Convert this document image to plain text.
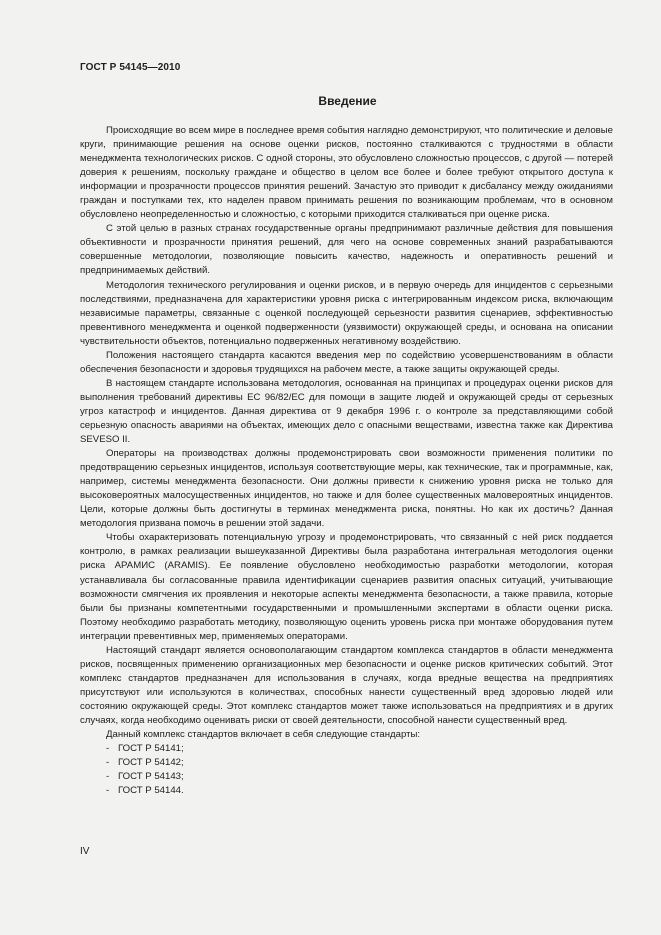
ГОСТ Р 54145—2010
Введение

Происходящие во всем мире в последнее время события наглядно демонстрируют, что политические и деловые круги, принимающие решения на основе оценки рисков, постоянно сталкиваются с трудностями в области менеджмента технологических рисков. С одной стороны, это обусловлено сложностью процессов, с другой — потерей доверия к решениям, поскольку граждане и общество в целом все более и более требуют открытого доступа к информации и прозрачности процессов принятия решений. Зачастую это приводит к дисбалансу между ожиданиями граждан и поступками тех, кто наделен правом принимать решения по возникающим проблемам, что в основном обусловлено неопределенностью и сложностью, с которыми приходится сталкиваться при оценке риска.

С этой целью в разных странах государственные органы предпринимают различные действия для повышения объективности и прозрачности принятия решений, для чего на основе современных знаний разрабатываются совершенные методологии, позволяющие повысить качество, надежность и оперативность решений и предпринимаемых действий.

Методология технического регулирования и оценки рисков, и в первую очередь для инцидентов с серьезными последствиями, предназначена для характеристики уровня риска с интегрированным индексом риска, включающим независимые параметры, связанные с оценкой последующей серьезности развития сценариев, эффективностью превентивного менеджмента и оценкой подверженности (уязвимости) окружающей среды, и основана на описании чувствительности объектов, потенциально подверженных негативному воздействию.

Положения настоящего стандарта касаются введения мер по содействию усовершенствованиям в области обеспечения безопасности и здоровья трудящихся на рабочем месте, а также защиты окружающей среды.

В настоящем стандарте использована методология, основанная на принципах и процедурах оценки рисков для выполнения требований директивы ЕС 96/82/ЕС для помощи в защите людей и окружающей среды от серьезных угроз катастроф и инцидентов. Данная директива от 9 декабря 1996 г. о контроле за представляющими собой серьезную опасность авариями на объектах, имеющих дело с опасными веществами, известна также как Директива SEVESO II.

Операторы на производствах должны продемонстрировать свои возможности применения политики по предотвращению серьезных инцидентов, используя соответствующие меры, как технические, так и программные, как, например, системы менеджмента безопасности. Они должны привести к снижению уровня риска не только для высоковероятных малосущественных инцидентов, но также и для более существенных маловероятных инцидентов. Цели, которые должны быть достигнуты в терминах менеджмента риска, понятны. Но как их достичь? Данная методология призвана помочь в решении этой задачи.

Чтобы охарактеризовать потенциальную угрозу и продемонстрировать, что связанный с ней риск поддается контролю, в рамках реализации вышеуказанной Директивы была разработана интегральная методология оценки риска АРАМИС (ARAMIS). Ее появление обусловлено необходимостью разработки методологии, которая устанавливала бы согласованные правила идентификации сценариев развития опасных ситуаций, учитывающие возможности смягчения их проявления и некоторые аспекты менеджмента безопасности, а также правила, которые были бы признаны компетентными государственными и промышленными экспертами в области оценки риска. Поэтому необходимо разработать методику, позволяющую оценить уровень риска при монтаже оборудования путем интеграции превентивных мер, применяемых операторами.

Настоящий стандарт является основополагающим стандартом комплекса стандартов в области менеджмента рисков, посвященных применению организационных мер безопасности и оценке рисков критических событий. Этот комплекс стандартов предназначен для использования в случаях, когда вредные вещества на предприятиях присутствуют или используются в количествах, способных нанести существенный вред здоровью людей или состоянию окружающей среды. Этот комплекс стандартов может также использоваться на предприятиях и в других случаях, когда необходимо оценивать риски от своей деятельности, способной нанести существенный вред.

Данный комплекс стандартов включает в себя следующие стандарты:

- ГОСТ Р 54141;
- ГОСТ Р 54142;
- ГОСТ Р 54143;
- ГОСТ Р 54144.
IV
